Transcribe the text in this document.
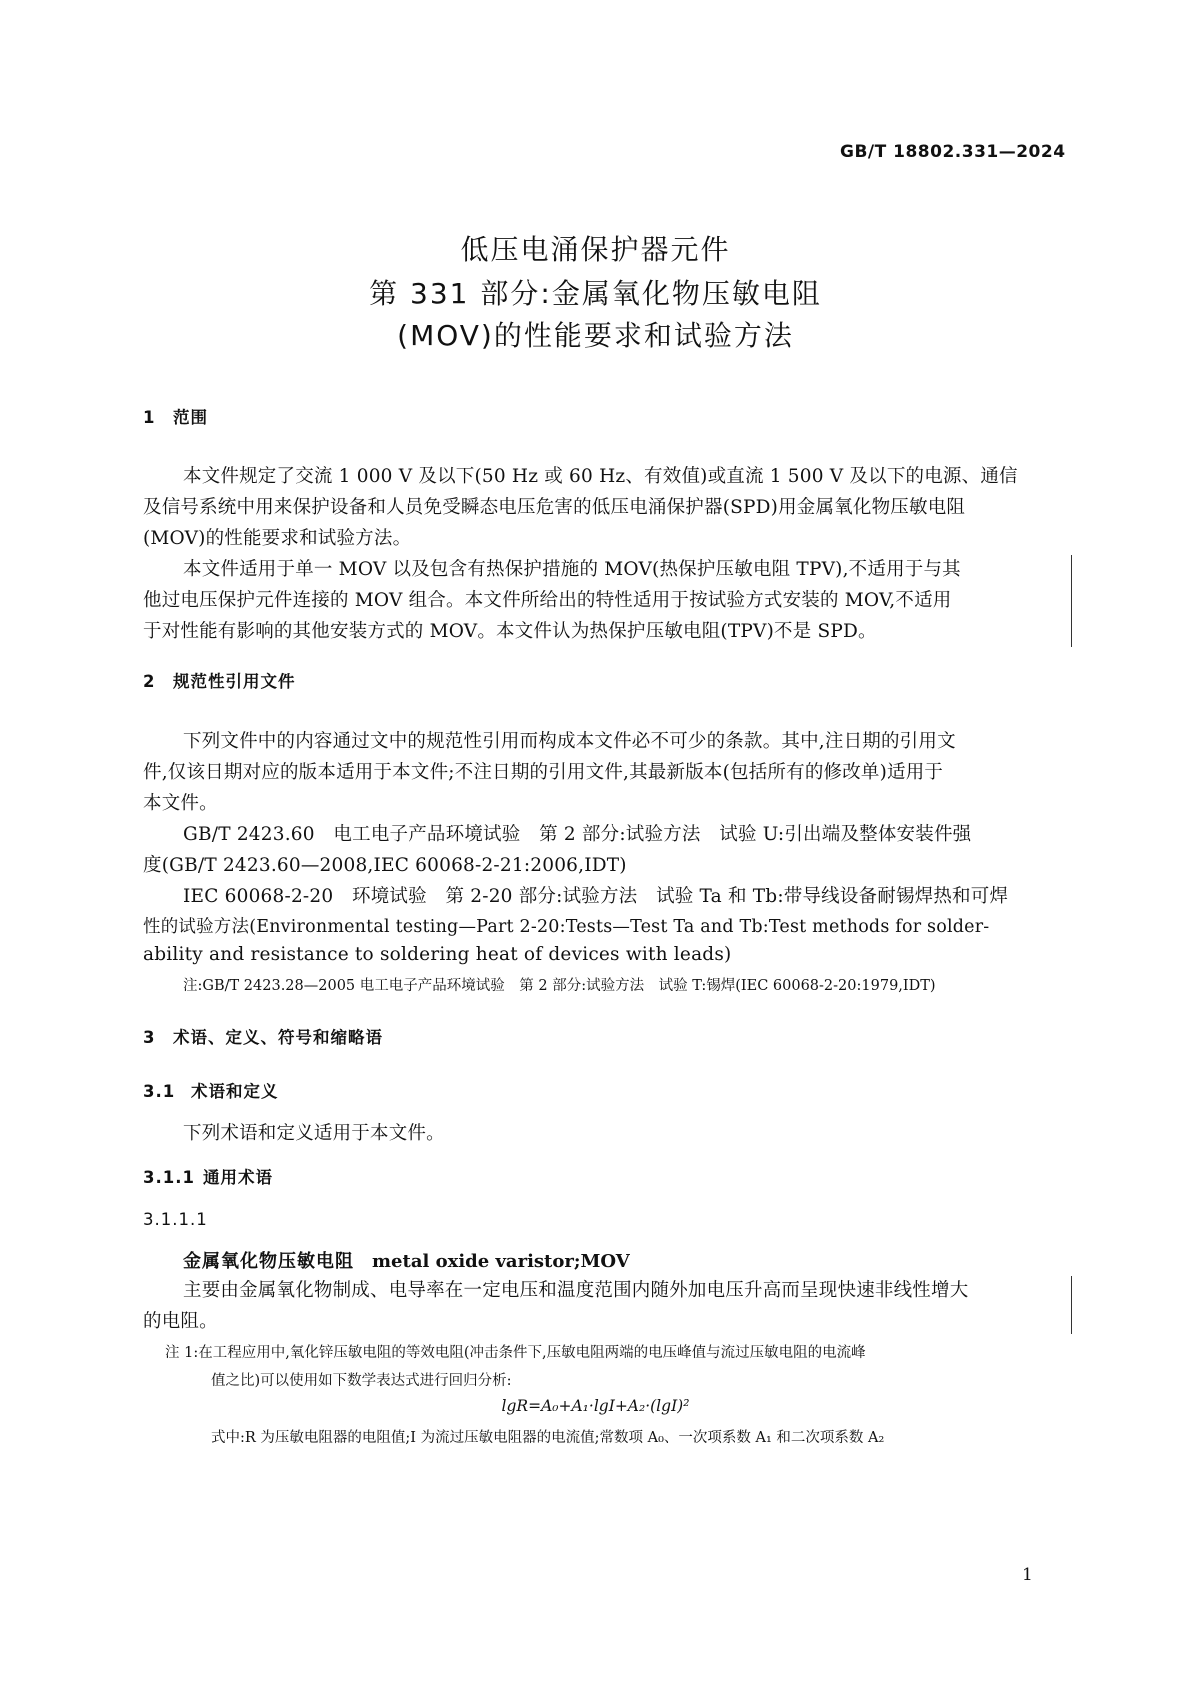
GB/T 18802.331—2024
低压电涌保护器元件
第 331 部分:金属氧化物压敏电阻
(MOV)的性能要求和试验方法
1 范围
本文件规定了交流 1 000 V 及以下(50 Hz 或 60 Hz、有效值)或直流 1 500 V 及以下的电源、通信
及信号系统中用来保护设备和人员免受瞬态电压危害的低压电涌保护器(SPD)用金属氧化物压敏电阻
(MOV)的性能要求和试验方法。
本文件适用于单一 MOV 以及包含有热保护措施的 MOV(热保护压敏电阻 TPV),不适用于与其
他过电压保护元件连接的 MOV 组合。本文件所给出的特性适用于按试验方式安装的 MOV,不适用
于对性能有影响的其他安装方式的 MOV。本文件认为热保护压敏电阻(TPV)不是 SPD。
2 规范性引用文件
下列文件中的内容通过文中的规范性引用而构成本文件必不可少的条款。其中,注日期的引用文
件,仅该日期对应的版本适用于本文件;不注日期的引用文件,其最新版本(包括所有的修改单)适用于
本文件。
GB/T 2423.60　电工电子产品环境试验　第 2 部分:试验方法　试验 U:引出端及整体安装件强
度(GB/T 2423.60—2008,IEC 60068-2-21:2006,IDT)
IEC 60068-2-20　环境试验　第 2-20 部分:试验方法　试验 Ta 和 Tb:带导线设备耐锡焊热和可焊
性的试验方法(Environmental testing—Part 2-20:Tests—Test Ta and Tb:Test methods for solder-
ability and resistance to soldering heat of devices with leads)
注:GB/T 2423.28—2005 电工电子产品环境试验　第 2 部分:试验方法　试验 T:锡焊(IEC 60068-2-20:1979,IDT)
3 术语、定义、符号和缩略语
3.1 术语和定义
下列术语和定义适用于本文件。
3.1.1 通用术语
3.1.1.1
金属氧化物压敏电阻 metal oxide varistor;MOV
主要由金属氧化物制成、电导率在一定电压和温度范围内随外加电压升高而呈现快速非线性增大
的电阻。
注 1:在工程应用中,氧化锌压敏电阻的等效电阻(冲击条件下,压敏电阻两端的电压峰值与流过压敏电阻的电流峰
值之比)可以使用如下数学表达式进行回归分析:
lgR=A₀+A₁·lgI+A₂·(lgI)²
式中:R 为压敏电阻器的电阻值;I 为流过压敏电阻器的电流值;常数项 A₀、一次项系数 A₁ 和二次项系数 A₂
1
